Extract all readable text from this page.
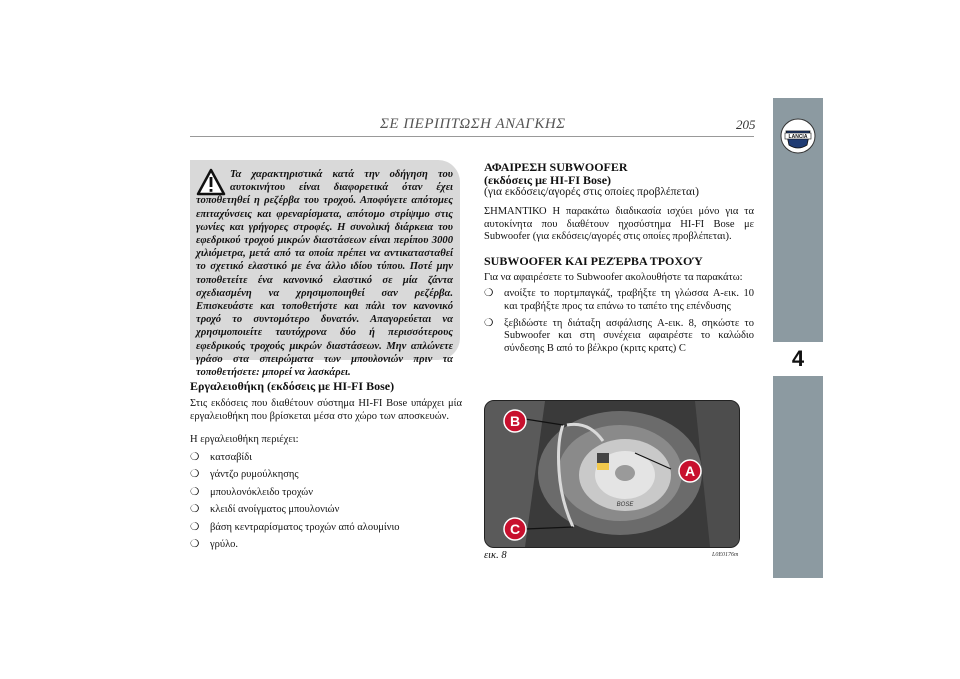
ΣΕ ΠΕΡΙΠΤΩΣΗ ΑΝΑΓΚΗΣ	205
LANCIA
4

Τα χαρακτηριστικά κατά την οδήγηση του αυτοκινήτου είναι διαφορετικά όταν έχει τοποθετηθεί η ρεζέρβα του τροχού. Αποφύγετε απότομες επιταχύνσεις και φρεναρίσματα, απότομο στρίψιμο στις γωνίες και γρήγορες στροφές. Η συνολική διάρκεια του εφεδρικού τροχού μικρών διαστάσεων είναι περίπου 3000 χιλιόμετρα, μετά από τα οποία πρέπει να αντικατασταθεί το σχετικό ελαστικό με ένα άλλο ιδίου τύπου. Ποτέ μην τοποθετείτε ένα κανονικό ελαστικό σε μία ζάντα σχεδιασμένη να χρησιμοποιηθεί σαν ρεζέρβα. Επισκευάστε και τοποθετήστε και πάλι τον κανονικό τροχό το συντομότερο δυνατόν. Απαγορεύεται να χρησιμοποιείτε ταυτόχρονα δύο ή περισσότερους εφεδρικούς τροχούς μικρών διαστάσεων. Μην απλώνετε γράσο στα σπειρώματα των μπουλονιών πριν τα τοποθετήσετε: μπορεί να λασκάρει.

Εργαλειοθήκη (εκδόσεις με HI-FI Bose)

Στις εκδόσεις που διαθέτουν σύστημα HI-FI Bose υπάρχει μία εργαλειοθήκη που βρίσκεται μέσα στο χώρο των αποσκευών.

Η εργαλειοθήκη περιέχει:

❍ κατσαβίδι
❍ γάντζο ρυμούλκησης
❍ μπουλονόκλειδο τροχών
❍ κλειδί ανοίγματος μπουλονιών
❍ βάση κεντραρίσματος τροχών από αλουμίνιο
❍ γρύλο.
ΑΦΑΙΡΕΣΗ SUBWOOFER
(εκδόσεις με HI-FI Bose)

(για εκδόσεις/αγορές στις οποίες προβλέπεται)

ΣΗΜΑΝΤΙΚΟ Η παρακάτω διαδικασία ισχύει μόνο για τα αυτοκίνητα που διαθέτουν ηχοσύστημα HI-FI Bose με Subwoofer (για εκδόσεις/αγορές στις οποίες προβλέπεται).

SUBWOOFER ΚΑΙ ΡΕΖΈΡΒΑ ΤΡΟΧΟΎ

Για να αφαιρέσετε το Subwoofer ακολουθήστε τα παρακάτω:

❍ ανοίξτε το πορτμπαγκάζ, τραβήξτε τη γλώσσα A-εικ. 10 και τραβήξτε προς τα επάνω το ταπέτο της επένδυσης
❍ ξεβιδώστε τη διάταξη ασφάλισης A-εικ. 8, σηκώστε το Subwoofer και στη συνέχεια αφαιρέστε το καλώδιο σύνδεσης B από το βέλκρο (κριτς κρατς) C
BOSE
B
A
C
εικ. 8	L0E0176m
